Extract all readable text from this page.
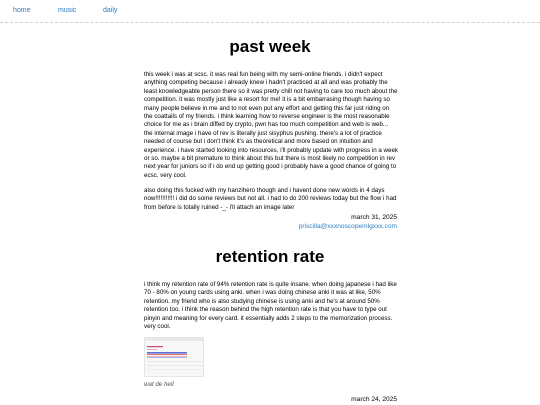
home	music	daily
past week

this week i was at scsc. it was real fun being with my semi-online friends. i didn't expect anything competing because i already knew i hadn't practiced at all and was probably the least knowledgeable person there so it was pretty chill not having to care too much about the competition. it was mostly just like a resort for me! it is a bit embarrasing though having so many people believe in me and to not even put any effort and getting this far just riding on the coattails of my friends. i think learning how to reverse engineer is the most reasonable choice for me as i brain diffed by crypto, pwn has too much competition and web is web... the internal image i have of rev is literally just sisyphus pushing. there's a lot of practice needed of course but i don't think it's as theoretical and more based on intuition and experience. i have started looking into resources, i'll probably update with progress in a week or so. maybe a bit premature to think about this but there is most likely no competition in rev next year for juniors so if i do end up getting good i probably have a good chance of going to ecsc. very cool.

also doing this fucked with my hanzihero though and i havent done new words in 4 days now!!!!!!!!!!! i did do some reviews but not all. i had to do 200 reviews today but the flow i had from before is totally ruined -_- i'll attach an image later

march 31, 2025
priscilla@xxxnoscopemlgxxx.com
retention rate

i think my retention rate of 94% retention rate is quite insane. when doing japanese i had like 70 - 80% on young cards using anki. when i was doing chinese anki it was at like, 50% retention. my friend who is also studying chinese is using anki and he's at around 50% retention too. i think the reason behind the high retention rate is that you have to type out pinyin and meaning for every card. it essentially adds 2 steps to the memorization process. very cool.

wat de hell
march 24, 2025
